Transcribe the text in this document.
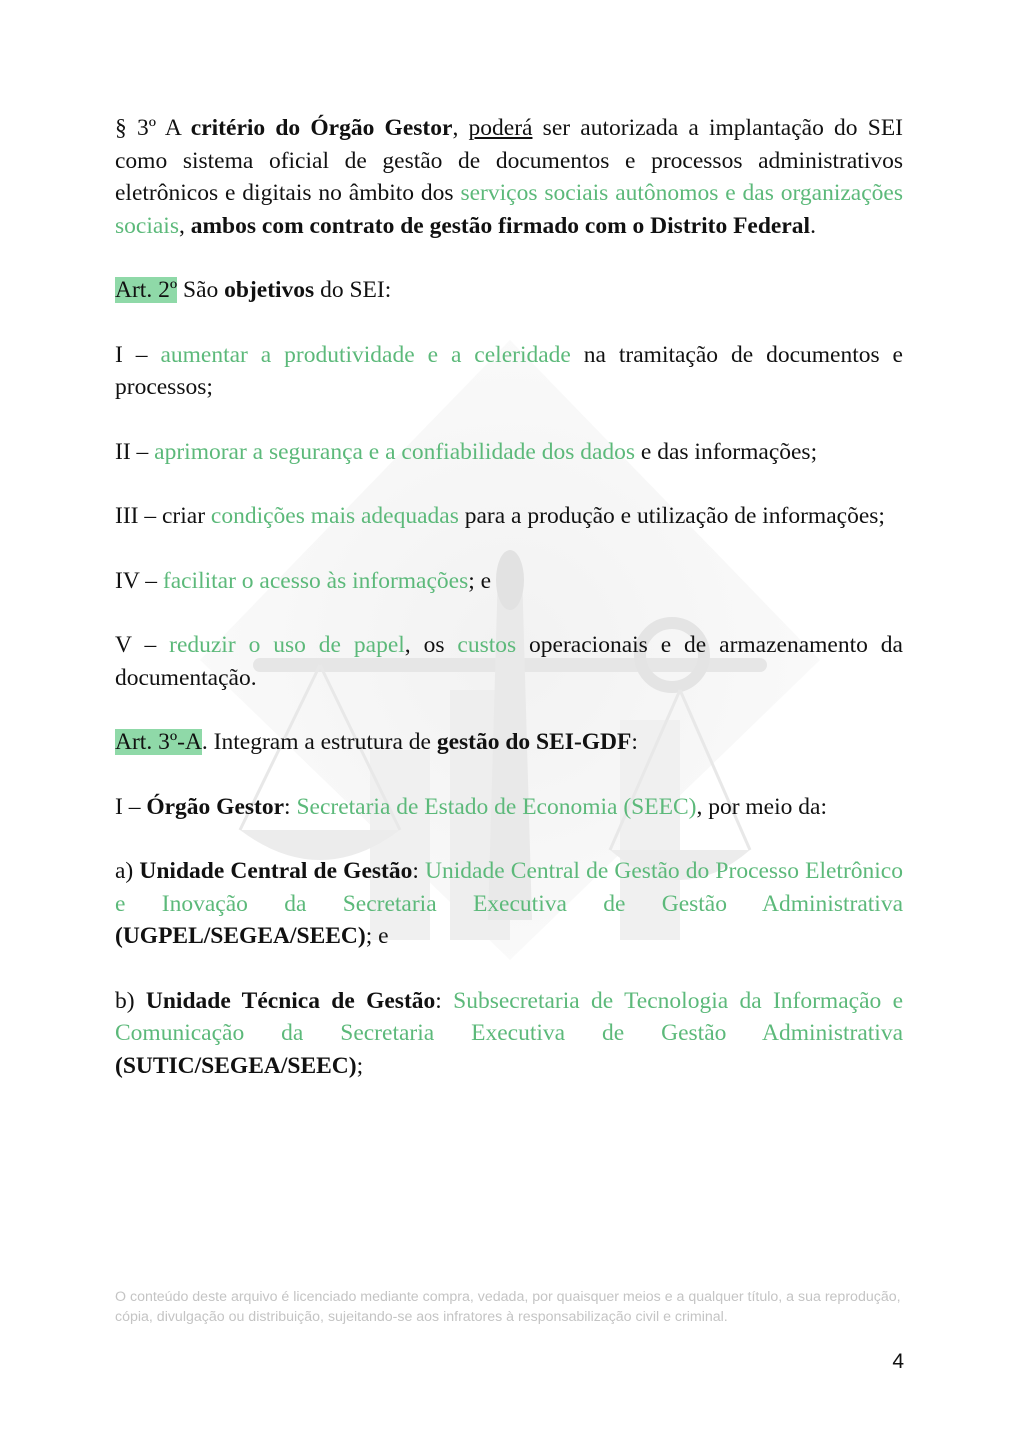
§ 3º A critério do Órgão Gestor, poderá ser autorizada a implantação do SEI como sistema oficial de gestão de documentos e processos administrativos eletrônicos e digitais no âmbito dos serviços sociais autônomos e das organizações sociais, ambos com contrato de gestão firmado com o Distrito Federal.

Art. 2º São objetivos do SEI:

I – aumentar a produtividade e a celeridade na tramitação de documentos e processos;

II – aprimorar a segurança e a confiabilidade dos dados e das informações;

III – criar condições mais adequadas para a produção e utilização de informações;

IV – facilitar o acesso às informações; e

V – reduzir o uso de papel, os custos operacionais e de armazenamento da documentação.

Art. 3º-A. Integram a estrutura de gestão do SEI-GDF:

I – Órgão Gestor: Secretaria de Estado de Economia (SEEC), por meio da:

a) Unidade Central de Gestão: Unidade Central de Gestão do Processo Eletrônico e Inovação da Secretaria Executiva de Gestão Administrativa (UGPEL/SEGEA/SEEC); e

b) Unidade Técnica de Gestão: Subsecretaria de Tecnologia da Informação e Comunicação da Secretaria Executiva de Gestão Administrativa (SUTIC/SEGEA/SEEC);

O conteúdo deste arquivo é licenciado mediante compra, vedada, por quaisquer meios e a qualquer título, a sua reprodução, cópia, divulgação ou distribuição, sujeitando-se aos infratores à responsabilização civil e criminal.
4
